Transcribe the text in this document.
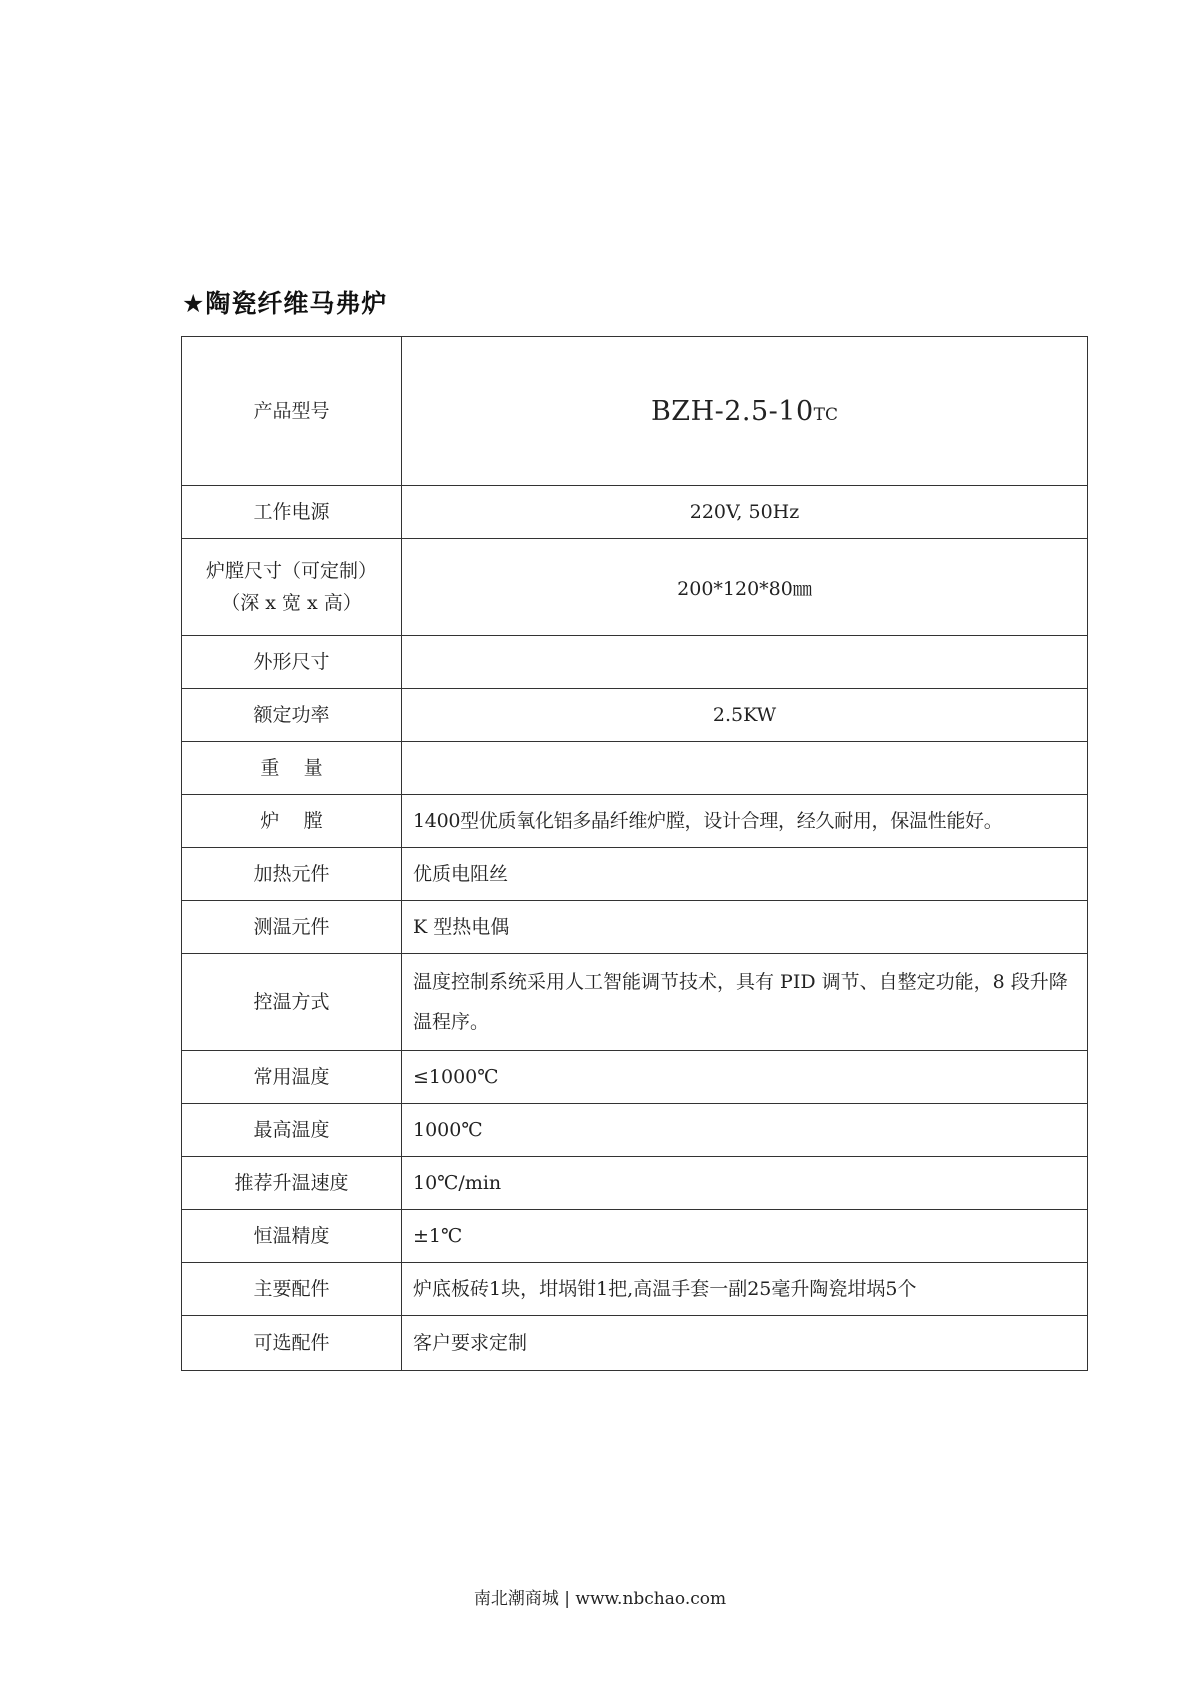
★陶瓷纤维马弗炉
产品型号	BZH-2.5-10TC
工作电源	220V, 50Hz

炉膛尺寸（可定制）
（深 x 宽 x 高）	200*120*80㎜
外形尺寸	
额定功率	2.5KW
重    量	
炉    膛	1400型优质氧化铝多晶纤维炉膛，设计合理，经久耐用，保温性能好。
加热元件	优质电阻丝
测温元件	K 型热电偶
控温方式	温度控制系统采用人工智能调节技术，具有 PID 调节、自整定功能，8 段升降温程序。
常用温度	≤1000℃
最高温度	1000℃
推荐升温速度	10℃/min
恒温精度	±1℃
主要配件	炉底板砖1块，坩埚钳1把,高温手套一副25毫升陶瓷坩埚5个
可选配件	客户要求定制
南北潮商城 | www.nbchao.com
